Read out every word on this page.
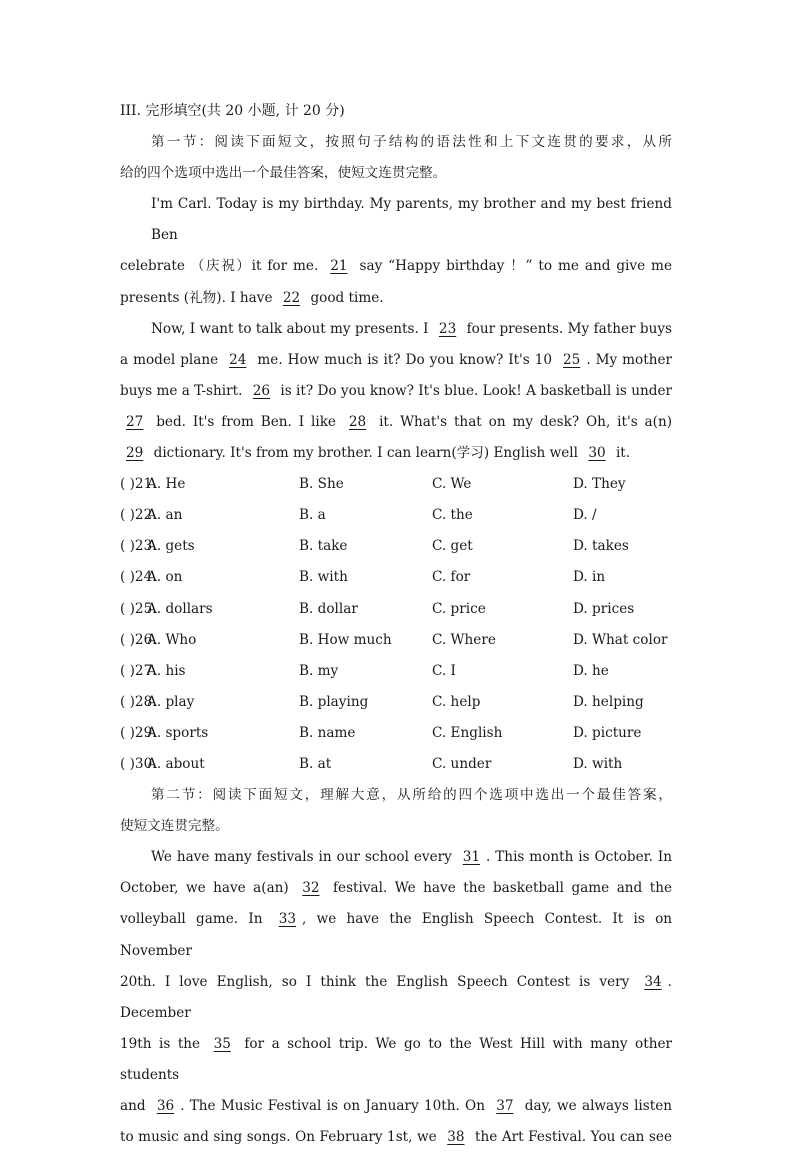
III. 完形填空(共 20 小题, 计 20 分)
第一节：阅读下面短文，按照句子结构的语法性和上下文连贯的要求，从所
给的四个选项中选出一个最佳答案，使短文连贯完整。
I'm Carl. Today is my birthday. My parents, my brother and my best friend Ben
celebrate （庆祝）it for me. 21 say “Happy birthday ！” to me and give me
presents (礼物). I have 22 good time.
Now, I want to talk about my presents. I 23 four presents. My father buys
a model plane 24 me. How much is it? Do you know? It's 10 25 . My mother
buys me a T-shirt. 26 is it? Do you know? It's blue. Look! A basketball is under
27 bed. It's from Ben. I like 28 it. What's that on my desk? Oh, it's a(n)
29 dictionary. It's from my brother. I can learn(学习) English well 30 it.
( )21.
A. He	B. She	C. We	D. They
( )22.
A. an	B. a	C. the	D. /
( )23.
A. gets	B. take	C. get	D. takes
( )24.
A. on	B. with	C. for	D. in
( )25.
A. dollars	B. dollar	C. price	D. prices
( )26.
A. Who	B. How much	C. Where	D. What color
( )27.
A. his	B. my	C. I	D. he
( )28.
A. play	B. playing	C. help	D. helping
( )29.
A. sports	B. name	C. English	D. picture
( )30.
A. about	B. at	C. under	D. with
第二节：阅读下面短文，理解大意，从所给的四个选项中选出一个最佳答案，
使短文连贯完整。
We have many festivals in our school every 31 . This month is October. In
October, we have a(an) 32 festival. We have the basketball game and the
volleyball game. In 33 , we have the English Speech Contest. It is on November
20th. I love English, so I think the English Speech Contest is very 34 . December
19th is the 35 for a school trip. We go to the West Hill with many other students
and 36 . The Music Festival is on January 10th. On 37 day, we always listen
to music and sing songs. On February 1st, we 38 the Art Festival. You can see
